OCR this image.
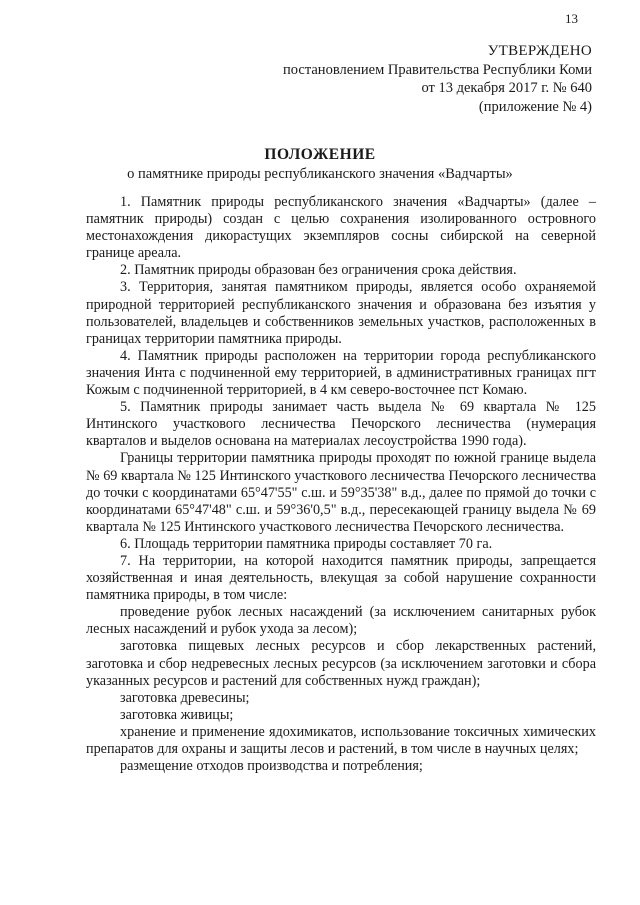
13
УТВЕРЖДЕНО
постановлением Правительства Республики Коми
от 13 декабря 2017 г. № 640
(приложение № 4)
ПОЛОЖЕНИЕ
о памятнике природы республиканского значения «Вадчарты»

1. Памятник природы республиканского значения «Вадчарты» (далее – памятник природы) создан с целью сохранения изолированного островного местонахождения дикорастущих экземпляров сосны сибирской на северной границе ареала.

2. Памятник природы образован без ограничения срока действия.

3. Территория, занятая памятником природы, является особо охраняемой природной территорией республиканского значения и образована без изъятия у пользователей, владельцев и собственников земельных участков, расположенных в границах территории памятника природы.

4. Памятник природы расположен на территории города республиканского значения Инта с подчиненной ему территорией, в административных границах пгт Кожым с подчиненной территорией, в 4 км северо-восточнее пст Комаю.

5. Памятник природы занимает часть выдела № 69 квартала № 125 Интинского участкового лесничества Печорского лесничества (нумерация кварталов и выделов основана на материалах лесоустройства 1990 года).

Границы территории памятника природы проходят по южной границе выдела № 69 квартала № 125 Интинского участкового лесничества Печорского лесничества до точки с координатами 65°47'55" с.ш. и 59°35'38" в.д., далее по прямой до точки с координатами 65°47'48" с.ш. и 59°36'0,5" в.д., пересекающей границу выдела № 69 квартала № 125 Интинского участкового лесничества Печорского лесничества.

6. Площадь территории памятника природы составляет 70 га.

7. На территории, на которой находится памятник природы, запрещается хозяйственная и иная деятельность, влекущая за собой нарушение сохранности памятника природы, в том числе:

проведение рубок лесных насаждений (за исключением санитарных рубок лесных насаждений и рубок ухода за лесом);

заготовка пищевых лесных ресурсов и сбор лекарственных растений, заготовка и сбор недревесных лесных ресурсов (за исключением заготовки и сбора указанных ресурсов и растений для собственных нужд граждан);

заготовка древесины;

заготовка живицы;

хранение и применение ядохимикатов, использование токсичных химических препаратов для охраны и защиты лесов и растений, в том числе в научных целях;

размещение отходов производства и потребления;
